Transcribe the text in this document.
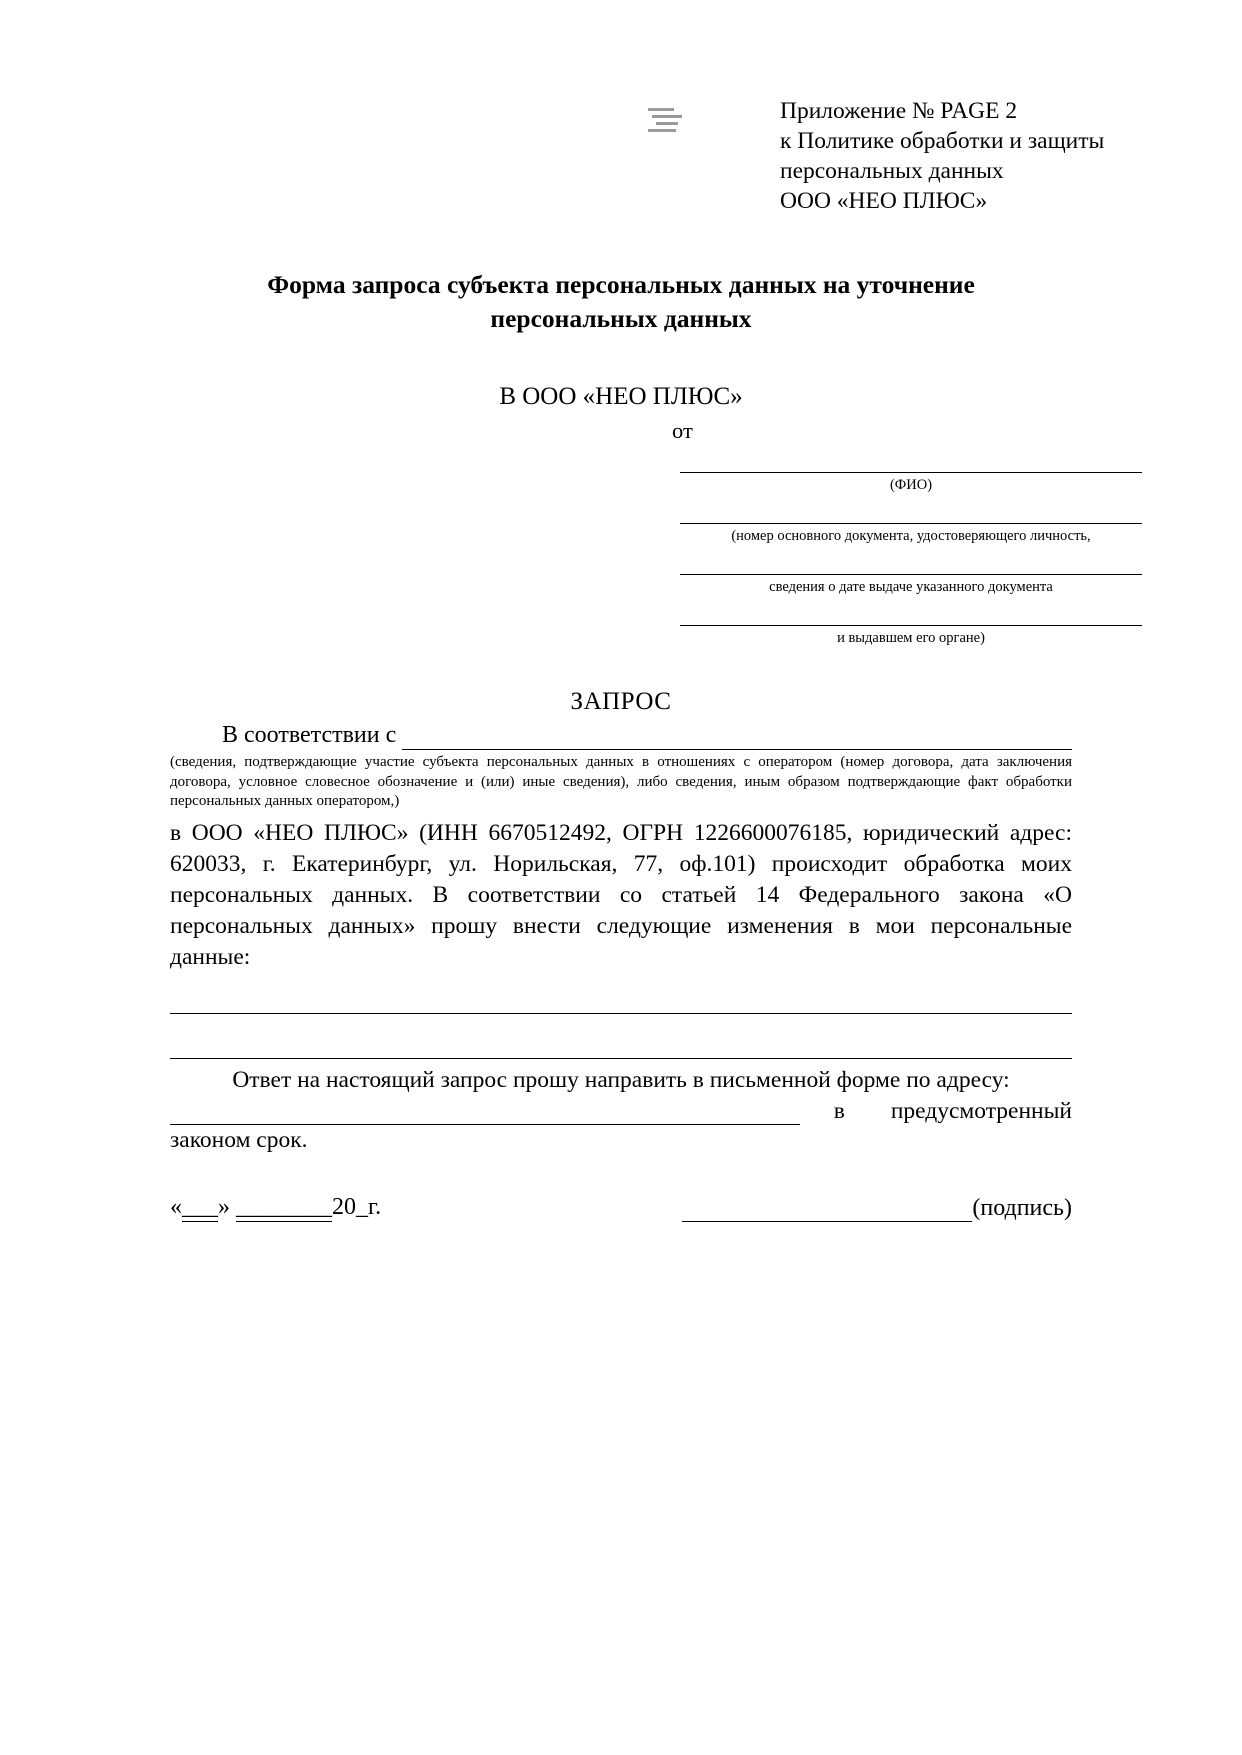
Приложение № PAGE 2
к Политике обработки и защиты
персональных данных
ООО «НЕО ПЛЮС»
Форма запроса субъекта персональных данных на уточнение персональных данных
В ООО «НЕО ПЛЮС»
от
(ФИО)
(номер основного документа, удостоверяющего личность,
сведения о дате выдаче указанного документа
и выдавшем его органе)
ЗАПРОС
В соответствии с
(сведения, подтверждающие участие субъекта персональных данных в отношениях с оператором (номер договора, дата заключения договора, условное словесное обозначение и (или) иные сведения), либо сведения, иным образом подтверждающие факт обработки персональных данных оператором,)
в ООО «НЕО ПЛЮС» (ИНН 6670512492, ОГРН 1226600076185, юридический адрес: 620033, г. Екатеринбург, ул. Норильская, 77, оф.101) происходит обработка моих персональных данных. В соответствии со статьей 14 Федерального закона «О персональных данных» прошу внести следующие изменения в мои персональные данные:
Ответ на настоящий запрос прошу направить в письменной форме по адресу:
в предусмотренный
законом срок.
«___» ________20_г.	(подпись)
